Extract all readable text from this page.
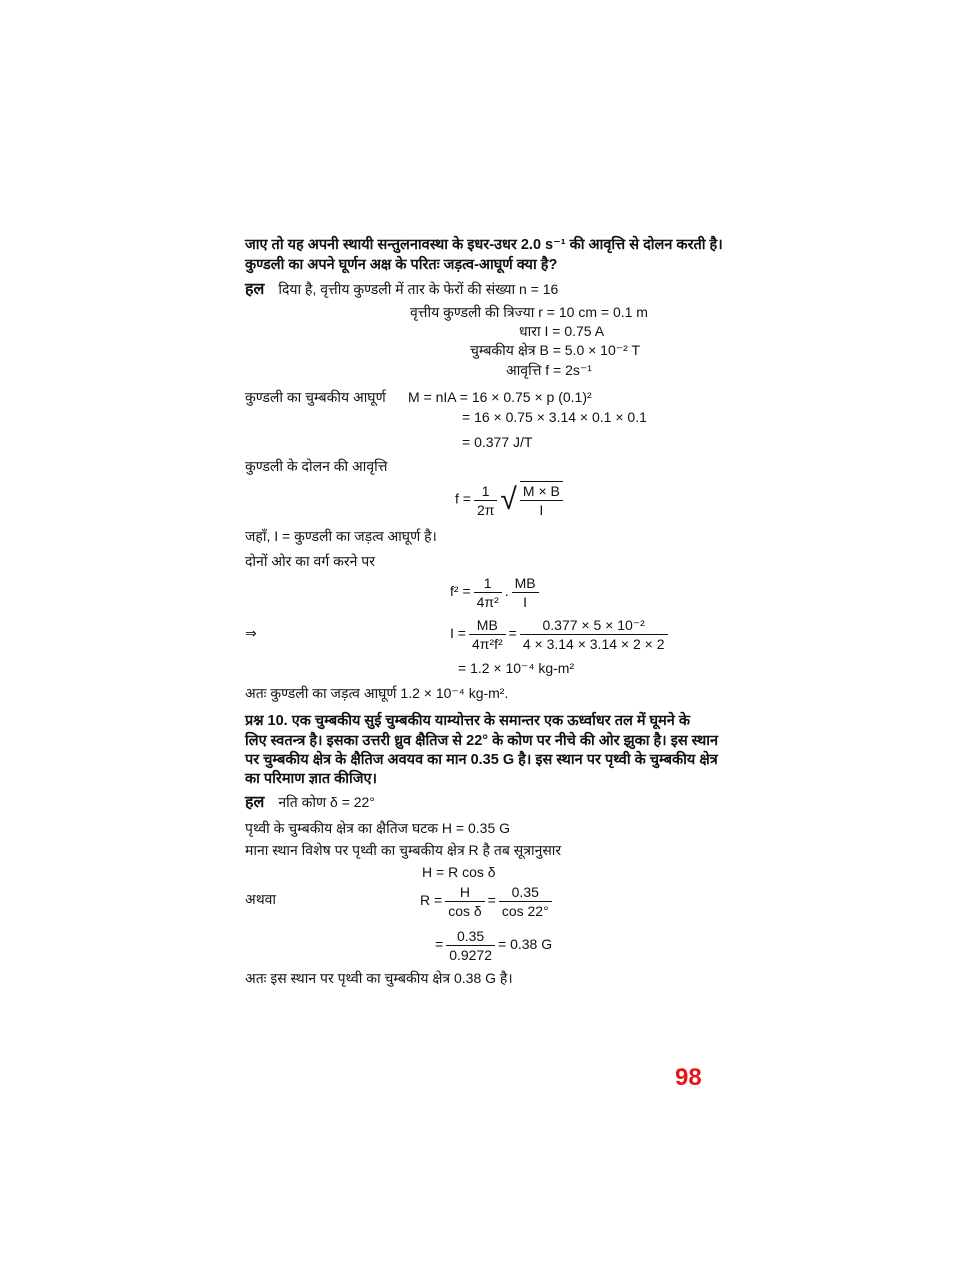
जाए तो यह अपनी स्थायी सन्तुलनावस्था के इधर-उधर 2.0 s⁻¹ की आवृत्ति से दोलन करती है।
कुण्डली का अपने घूर्णन अक्ष के परितः जड़त्व-आघूर्ण क्या है?
हल दिया है, वृत्तीय कुण्डली में तार के फेरों की संख्या n = 16
वृत्तीय कुण्डली की त्रिज्या r = 10 cm = 0.1 m
धारा I = 0.75 A
चुम्बकीय क्षेत्र B = 5.0 × 10⁻² T
आवृत्ति f = 2s⁻¹
कुण्डली का चुम्बकीय आघूर्ण M = nIA = 16 × 0.75 × p (0.1)²
= 16 × 0.75 × 3.14 × 0.1 × 0.1
= 0.377 J/T
कुण्डली के दोलन की आवृत्ति
$f = \frac{1}{2\pi}$ √ $\frac{M \times B}{I}$
जहाँ, I = कुण्डली का जड़त्व आघूर्ण है।
दोनों ओर का वर्ग करने पर
$f^2 = \frac{1}{\text{4π²}}$ . $\frac{MB}{I}$
⇒	$I = \frac{MB}{\text{4π²f²}} = \frac{\text{0.377 × 5 × 10⁻²}}{4 \times 3.14 \times 3.14 \times 2 \times 2}$
= 1.2 × 10⁻⁴ kg-m²
अतः कुण्डली का जड़त्व आघूर्ण 1.2 × 10⁻⁴ kg-m².
प्रश्न 10. एक चुम्बकीय सुई चुम्बकीय याम्योत्तर के समान्तर एक ऊर्ध्वाधर तल में घूमने के
लिए स्वतन्त्र है। इसका उत्तरी ध्रुव क्षैतिज से 22° के कोण पर नीचे की ओर झुका है। इस स्थान
पर चुम्बकीय क्षेत्र के क्षैतिज अवयव का मान 0.35 G है। इस स्थान पर पृथ्वी के चुम्बकीय क्षेत्र
का परिमाण ज्ञात कीजिए।
हल नति कोण δ = 22°
पृथ्वी के चुम्बकीय क्षेत्र का क्षैतिज घटक H = 0.35 G
माना स्थान विशेष पर पृथ्वी का चुम्बकीय क्षेत्र R है तब सूत्रानुसार
H = R cos δ
अथवा	$R = \frac{H}{\text{cos δ}} = \frac{0.35}{\cos 22^\circ}$
= $\frac{0.35}{0.9272} = 0.38$ G
अतः इस स्थान पर पृथ्वी का चुम्बकीय क्षेत्र 0.38 G है।
98
